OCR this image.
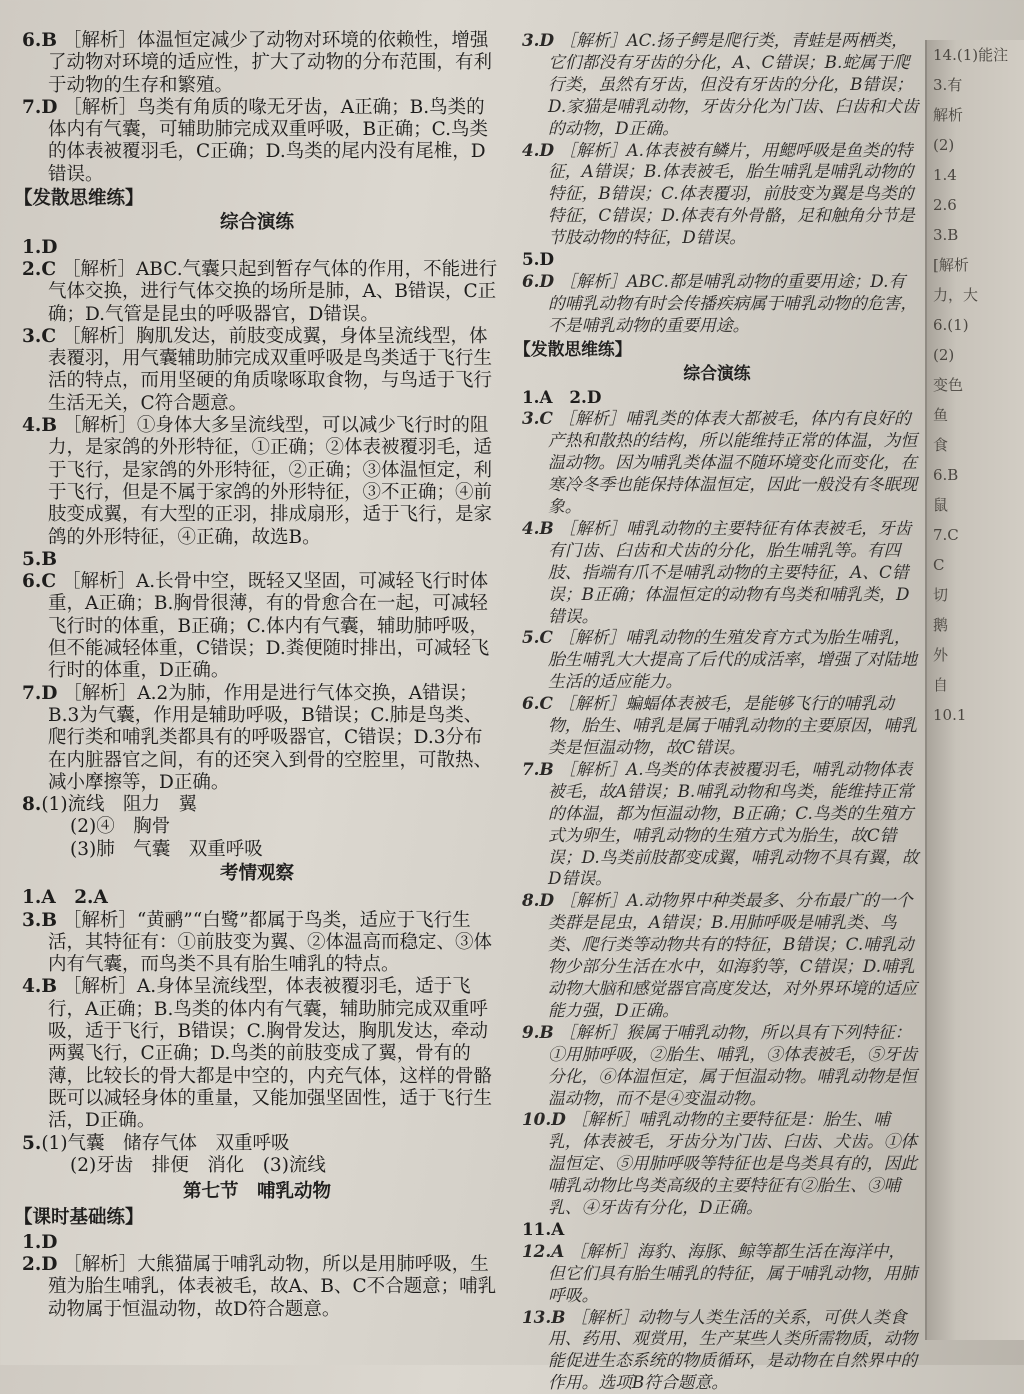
6.B ［解析］体温恒定减少了动物对环境的依赖性，增强了动物对环境的适应性，扩大了动物的分布范围，有利于动物的生存和繁殖。

7.D ［解析］鸟类有角质的喙无牙齿，A正确；B.鸟类的体内有气囊，可辅助肺完成双重呼吸，B正确；C.鸟类的体表被覆羽毛，C正确；D.鸟类的尾内没有尾椎，D错误。

【发散思维练】

综合演练

1.D

2.C ［解析］ABC.气囊只起到暂存气体的作用，不能进行气体交换，进行气体交换的场所是肺，A、B错误，C正确；D.气管是昆虫的呼吸器官，D错误。

3.C ［解析］胸肌发达，前肢变成翼，身体呈流线型，体表覆羽，用气囊辅助肺完成双重呼吸是鸟类适于飞行生活的特点，而用坚硬的角质喙啄取食物，与鸟适于飞行生活无关，C符合题意。

4.B ［解析］①身体大多呈流线型，可以减少飞行时的阻力，是家鸽的外形特征，①正确；②体表被覆羽毛，适于飞行，是家鸽的外形特征，②正确；③体温恒定，利于飞行，但是不属于家鸽的外形特征，③不正确；④前肢变成翼，有大型的正羽，排成扇形，适于飞行，是家鸽的外形特征，④正确，故选B。

5.B

6.C ［解析］A.长骨中空，既轻又坚固，可减轻飞行时体重，A正确；B.胸骨很薄，有的骨愈合在一起，可减轻飞行时的体重，B正确；C.体内有气囊，辅助肺呼吸，但不能减轻体重，C错误；D.粪便随时排出，可减轻飞行时的体重，D正确。

7.D ［解析］A.2为肺，作用是进行气体交换，A错误；B.3为气囊，作用是辅助呼吸，B错误；C.肺是鸟类、爬行类和哺乳类都具有的呼吸器官，C错误；D.3分布在内脏器官之间，有的还突入到骨的空腔里，可散热、减小摩擦等，D正确。

8.(1)流线　阻力　翼

(2)④　胸骨

(3)肺　气囊　双重呼吸

考情观察

1.A　 2.A

3.B ［解析］“黄鹂”“白鹭”都属于鸟类，适应于飞行生活，其特征有：①前肢变为翼、②体温高而稳定、③体内有气囊，而鸟类不具有胎生哺乳的特点。

4.B ［解析］A.身体呈流线型，体表被覆羽毛，适于飞行，A正确；B.鸟类的体内有气囊，辅助肺完成双重呼吸，适于飞行，B错误；C.胸骨发达，胸肌发达，牵动两翼飞行，C正确；D.鸟类的前肢变成了翼，骨有的薄，比较长的骨大都是中空的，内充气体，这样的骨骼既可以减轻身体的重量，又能加强坚固性，适于飞行生活，D正确。

5.(1)气囊　储存气体　双重呼吸

(2)牙齿　排便　消化　(3)流线

第七节　哺乳动物

【课时基础练】

1.D

2.D ［解析］大熊猫属于哺乳动物，所以是用肺呼吸，生殖为胎生哺乳，体表被毛，故A、B、C不合题意；哺乳动物属于恒温动物，故D符合题意。

3.D ［解析］AC.扬子鳄是爬行类，青蛙是两栖类，它们都没有牙齿的分化，A、C错误；B.蛇属于爬行类，虽然有牙齿，但没有牙齿的分化，B错误；D.家猫是哺乳动物，牙齿分化为门齿、臼齿和犬齿的动物，D正确。

4.D ［解析］A.体表被有鳞片，用鳃呼吸是鱼类的特征，A错误；B.体表被毛，胎生哺乳是哺乳动物的特征，B错误；C.体表覆羽，前肢变为翼是鸟类的特征，C错误；D.体表有外骨骼，足和触角分节是节肢动物的特征，D错误。

5.D

6.D ［解析］ABC.都是哺乳动物的重要用途；D.有的哺乳动物有时会传播疾病属于哺乳动物的危害，不是哺乳动物的重要用途。

【发散思维练】

综合演练

1.A　 2.D

3.C ［解析］哺乳类的体表大都被毛，体内有良好的产热和散热的结构，所以能维持正常的体温，为恒温动物。因为哺乳类体温不随环境变化而变化，在寒冷冬季也能保持体温恒定，因此一般没有冬眠现象。

4.B ［解析］哺乳动物的主要特征有体表被毛，牙齿有门齿、臼齿和犬齿的分化，胎生哺乳等。有四肢、指端有爪不是哺乳动物的主要特征，A、C错误；B正确；体温恒定的动物有鸟类和哺乳类，D错误。

5.C ［解析］哺乳动物的生殖发育方式为胎生哺乳，胎生哺乳大大提高了后代的成活率，增强了对陆地生活的适应能力。

6.C ［解析］蝙蝠体表被毛，是能够飞行的哺乳动物，胎生、哺乳是属于哺乳动物的主要原因，哺乳类是恒温动物，故C错误。

7.B ［解析］A.鸟类的体表被覆羽毛，哺乳动物体表被毛，故A错误；B.哺乳动物和鸟类，能维持正常的体温，都为恒温动物，B正确；C.鸟类的生殖方式为卵生，哺乳动物的生殖方式为胎生，故C错误；D.鸟类前肢都变成翼，哺乳动物不具有翼，故D错误。

8.D ［解析］A.动物界中种类最多、分布最广的一个类群是昆虫，A错误；B.用肺呼吸是哺乳类、鸟类、爬行类等动物共有的特征，B错误；C.哺乳动物少部分生活在水中，如海豹等，C错误；D.哺乳动物大脑和感觉器官高度发达，对外界环境的适应能力强，D正确。

9.B ［解析］猴属于哺乳动物，所以具有下列特征：①用肺呼吸，②胎生、哺乳，③体表被毛，⑤牙齿分化，⑥体温恒定，属于恒温动物。哺乳动物是恒温动物，而不是④变温动物。

10.D ［解析］哺乳动物的主要特征是：胎生、哺乳，体表被毛，牙齿分为门齿、臼齿、犬齿。①体温恒定、⑤用肺呼吸等特征也是鸟类具有的，因此哺乳动物比鸟类高级的主要特征有②胎生、③哺乳、④牙齿有分化，D正确。

11.A

12.A ［解析］海豹、海豚、鲸等都生活在海洋中，但它们具有胎生哺乳的特征，属于哺乳动物，用肺呼吸。

13.B ［解析］动物与人类生活的关系，可供人类食用、药用、观赏用，生产某些人类所需物质，动物能促进生态系统的物质循环，是动物在自然界中的作用。选项B符合题意。

14.(1)能注
3.有
解析
(2)
1.4
2.6
3.B
[解析
力，大
6.(1)
(2)
变色
鱼
食
6.B
鼠
7.C
C
切
鹅
外
自
10.1
